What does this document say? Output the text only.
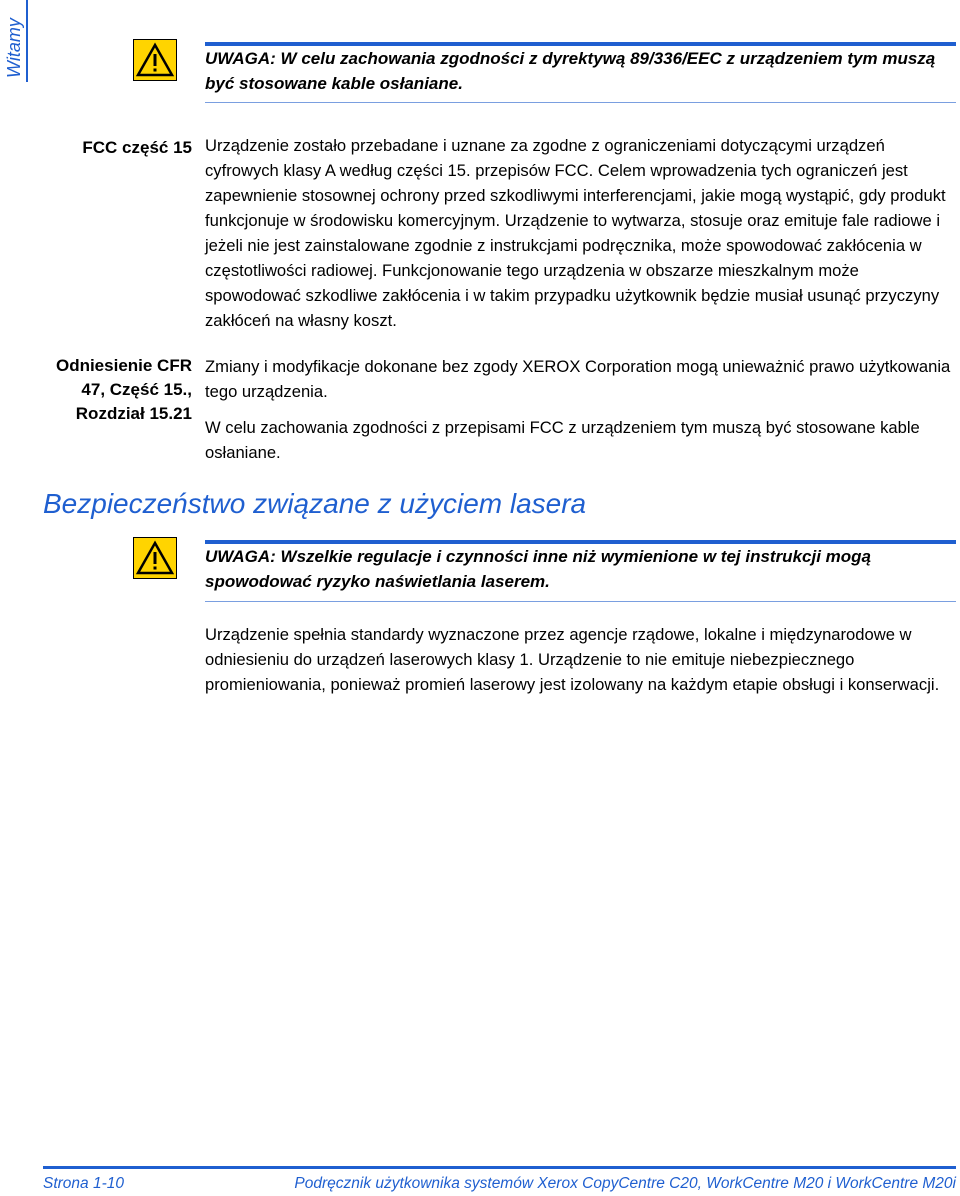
Witamy	UWAGA: W celu zachowania zgodności z dyrektywą 89/336/EEC z urządzeniem tym muszą być stosowane kable osłaniane.
FCC część 15 Urządzenie zostało przebadane i uznane za zgodne z ograniczeniami dotyczącymi urządzeń cyfrowych klasy A według części 15. przepisów FCC. Celem wprowadzenia tych ograniczeń jest zapewnienie stosownej ochrony przed szkodliwymi interferencjami, jakie mogą wystąpić, gdy produkt funkcjonuje w środowisku komercyjnym. Urządzenie to wytwarza, stosuje oraz emituje fale radiowe i jeżeli nie jest zainstalowane zgodnie z instrukcjami podręcznika, może spowodować zakłócenia w częstotliwości radiowej. Funkcjonowanie tego urządzenia w obszarze mieszkalnym może spowodować szkodliwe zakłócenia i w takim przypadku użytkownik będzie musiał usunąć przyczyny zakłóceń na własny koszt.
Odniesienie CFR 47, Część 15., Rozdział 15.21
Zmiany i modyfikacje dokonane bez zgody XEROX Corporation mogą unieważnić prawo użytkowania tego urządzenia.
W celu zachowania zgodności z przepisami FCC z urządzeniem tym muszą być stosowane kable osłaniane.
Bezpieczeństwo związane z użyciem lasera
UWAGA: Wszelkie regulacje i czynności inne niż wymienione w tej instrukcji mogą spowodować ryzyko naświetlania laserem.
Urządzenie spełnia standardy wyznaczone przez agencje rządowe, lokalne i międzynarodowe w odniesieniu do urządzeń laserowych klasy 1. Urządzenie to nie emituje niebezpiecznego promieniowania, ponieważ promień laserowy jest izolowany na każdym etapie obsługi i konserwacji.
Strona 1-10	Podręcznik użytkownika systemów Xerox CopyCentre C20, WorkCentre M20 i WorkCentre M20i
